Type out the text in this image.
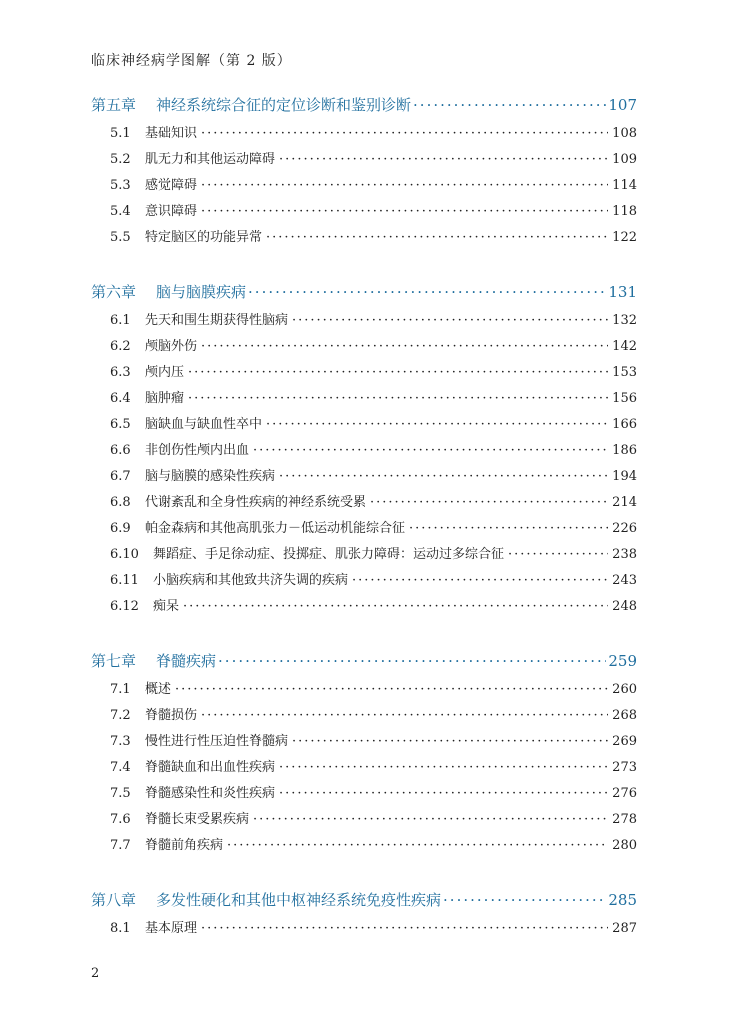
临床神经病学图解（第 2 版）
第五章 神经系统综合征的定位诊断和鉴别诊断 ·····	107
5.1	基础知识 ·····	108
5.2	肌无力和其他运动障碍 ·····	109
5.3	感觉障碍 ·····	114
5.4	意识障碍 ·····	118
5.5	特定脑区的功能异常 ·····	122
第六章 脑与脑膜疾病 ·····	131
6.1	先天和围生期获得性脑病 ·····	132
6.2	颅脑外伤 ·····	142
6.3	颅内压 ·····	153
6.4	脑肿瘤 ·····	156
6.5	脑缺血与缺血性卒中 ·····	166
6.6	非创伤性颅内出血 ·····	186
6.7	脑与脑膜的感染性疾病 ·····	194
6.8	代谢紊乱和全身性疾病的神经系统受累 ·····	214
6.9	帕金森病和其他高肌张力－低运动机能综合征 ·····	226
6.10	舞蹈症、手足徐动症、投掷症、肌张力障碍：运动过多综合征 ·····	238
6.11	小脑疾病和其他致共济失调的疾病 ·····	243
6.12	痴呆 ·····	248
第七章 脊髓疾病 ·····	259
7.1	概述 ·····	260
7.2	脊髓损伤 ·····	268
7.3	慢性进行性压迫性脊髓病 ·····	269
7.4	脊髓缺血和出血性疾病 ·····	273
7.5	脊髓感染性和炎性疾病 ·····	276
7.6	脊髓长束受累疾病 ·····	278
7.7	脊髓前角疾病 ·····	280
第八章 多发性硬化和其他中枢神经系统免疫性疾病 ·····	285
8.1	基本原理 ·····	287
2
